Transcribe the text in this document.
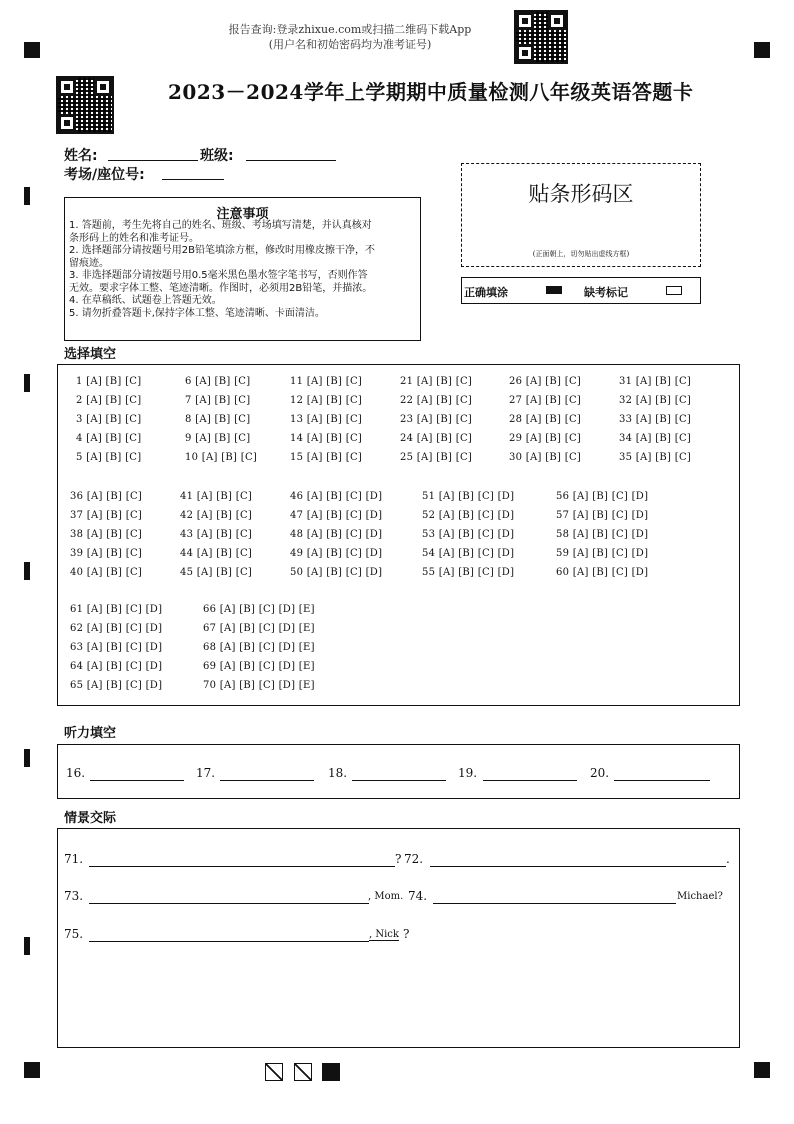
报告查询:登录zhixue.com或扫描二维码下载App
(用户名和初始密码均为准考证号)
2023－2024学年上学期期中质量检测八年级英语答题卡
姓名:	班级:
考场/座位号:
贴条形码区
(正面朝上，切勿贴出虚线方框)
正确填涂	缺考标记
注意事项
1. 答题前，考生先将自己的姓名、班级、考场填写清楚，并认真核对
条形码上的姓名和准考证号。
2. 选择题部分请按题号用2B铅笔填涂方框，修改时用橡皮擦干净，不
留痕迹。
3. 非选择题部分请按题号用0.5毫米黑色墨水签字笔书写，否则作答
无效。要求字体工整、笔迹清晰。作图时，必须用2B铅笔，并描浓。
4. 在草稿纸、试题卷上答题无效。
5. 请勿折叠答题卡,保持字体工整、笔迹清晰、卡面清洁。
选择填空
1 [A] [B] [C]	6 [A] [B] [C]	11 [A] [B] [C]	21 [A] [B] [C]	26 [A] [B] [C]	31 [A] [B] [C]
2 [A] [B] [C]	7 [A] [B] [C]	12 [A] [B] [C]	22 [A] [B] [C]	27 [A] [B] [C]	32 [A] [B] [C]
3 [A] [B] [C]	8 [A] [B] [C]	13 [A] [B] [C]	23 [A] [B] [C]	28 [A] [B] [C]	33 [A] [B] [C]
4 [A] [B] [C]	9 [A] [B] [C]	14 [A] [B] [C]	24 [A] [B] [C]	29 [A] [B] [C]	34 [A] [B] [C]
5 [A] [B] [C]	10 [A] [B] [C]	15 [A] [B] [C]	25 [A] [B] [C]	30 [A] [B] [C]	35 [A] [B] [C]
36 [A] [B] [C]	41 [A] [B] [C]	46 [A] [B] [C] [D]	51 [A] [B] [C] [D]	56 [A] [B] [C] [D]
37 [A] [B] [C]	42 [A] [B] [C]	47 [A] [B] [C] [D]	52 [A] [B] [C] [D]	57 [A] [B] [C] [D]
38 [A] [B] [C]	43 [A] [B] [C]	48 [A] [B] [C] [D]	53 [A] [B] [C] [D]	58 [A] [B] [C] [D]
39 [A] [B] [C]	44 [A] [B] [C]	49 [A] [B] [C] [D]	54 [A] [B] [C] [D]	59 [A] [B] [C] [D]
40 [A] [B] [C]	45 [A] [B] [C]	50 [A] [B] [C] [D]	55 [A] [B] [C] [D]	60 [A] [B] [C] [D]
61 [A] [B] [C] [D]	66 [A] [B] [C] [D] [E]
62 [A] [B] [C] [D]	67 [A] [B] [C] [D] [E]
63 [A] [B] [C] [D]	68 [A] [B] [C] [D] [E]
64 [A] [B] [C] [D]	69 [A] [B] [C] [D] [E]
65 [A] [B] [C] [D]	70 [A] [B] [C] [D] [E]
听力填空
16.	17.	18.	19.	20.
情景交际
71.	? 72.	.
73.	, Mom. 74.	Michael?
75.	, Nick ?
